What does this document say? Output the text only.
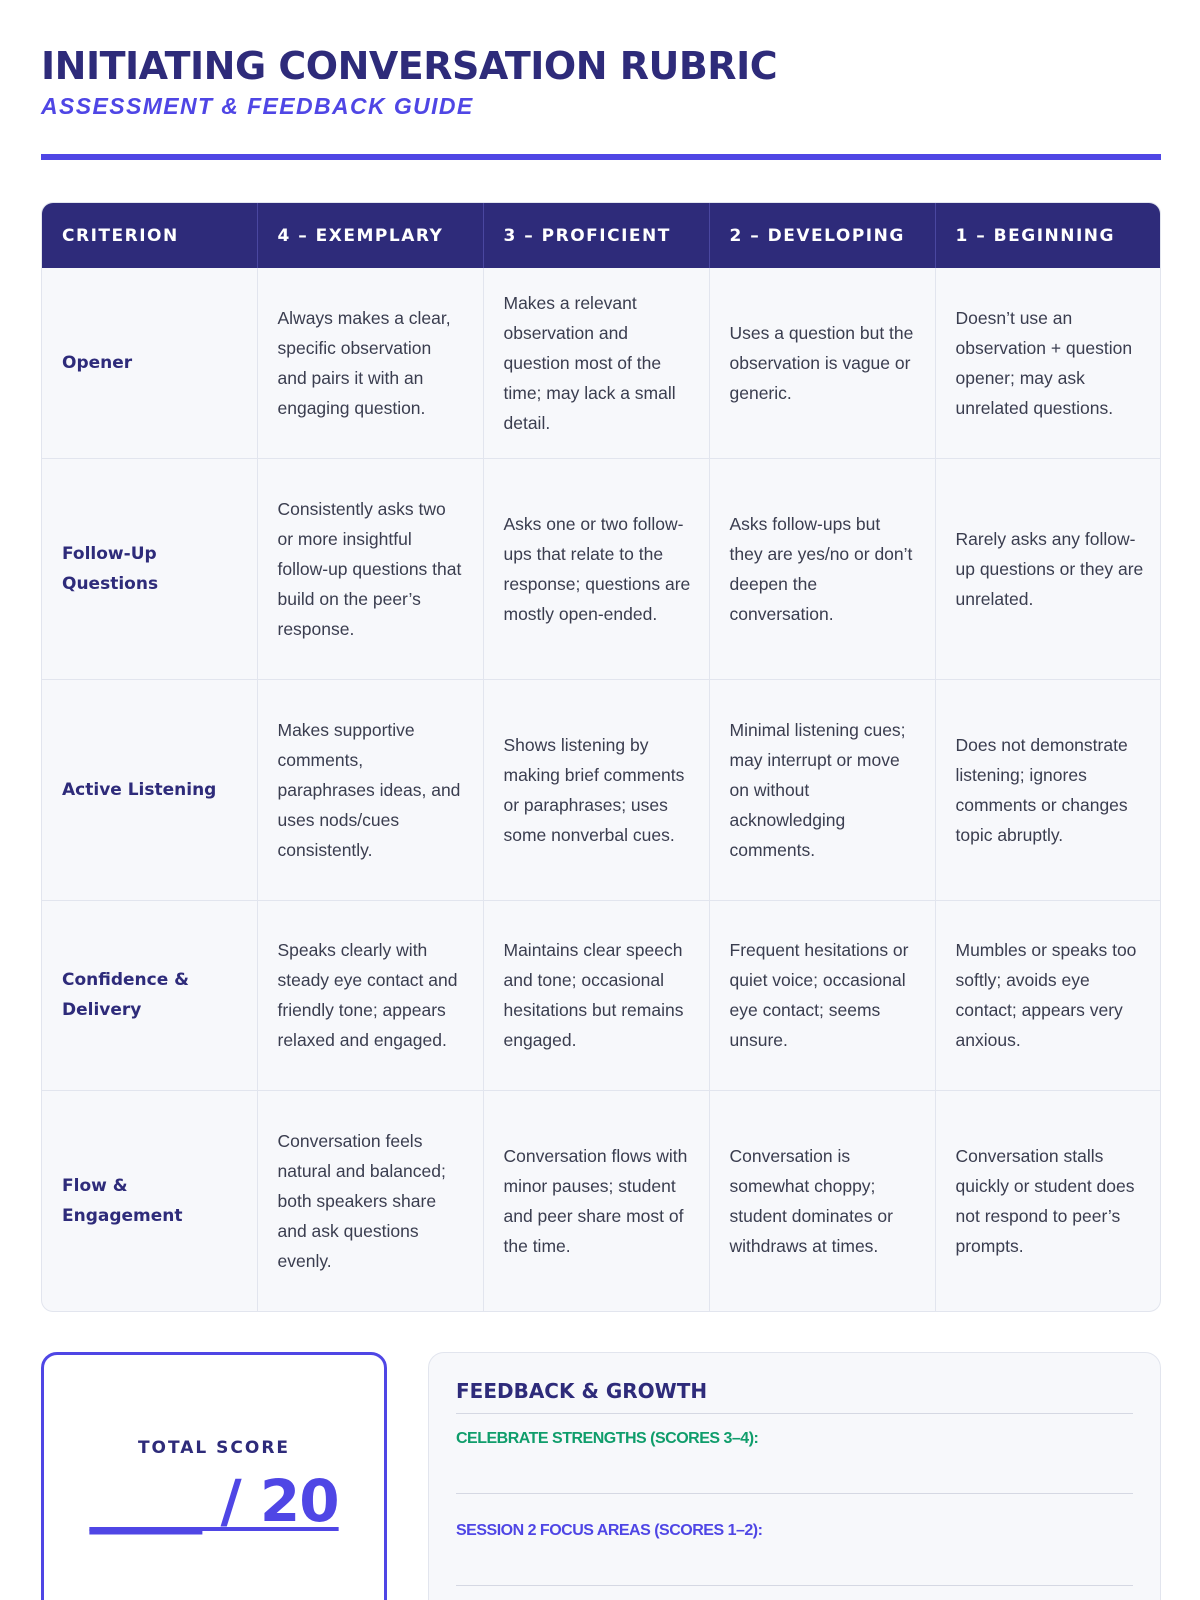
INITIATING CONVERSATION RUBRIC
ASSESSMENT & FEEDBACK GUIDE
CRITERION	4 – EXEMPLARY	3 – PROFICIENT	2 – DEVELOPING	1 – BEGINNING
Opener	Always makes a clear, specific observation and pairs it with an engaging question.	Makes a relevant observation and question most of the time; may lack a small detail.	Uses a question but the observation is vague or generic.	Doesn’t use an observation + question opener; may ask unrelated questions.
Follow-Up Questions	Consistently asks two or more insightful follow-up questions that build on the peer’s response.	Asks one or two follow-ups that relate to the response; questions are mostly open-ended.	Asks follow-ups but they are yes/no or don’t deepen the conversation.	Rarely asks any follow-up questions or they are unrelated.
Active Listening	Makes supportive comments, paraphrases ideas, and uses nods/cues consistently.	Shows listening by making brief comments or paraphrases; uses some nonverbal cues.	Minimal listening cues; may interrupt or move on without acknowledging comments.	Does not demonstrate listening; ignores comments or changes topic abruptly.
Confidence & Delivery	Speaks clearly with steady eye contact and friendly tone; appears relaxed and engaged.	Maintains clear speech and tone; occasional hesitations but remains engaged.	Frequent hesitations or quiet voice; occasional eye contact; seems unsure.	Mumbles or speaks too softly; avoids eye contact; appears very anxious.
Flow & Engagement	Conversation feels natural and balanced; both speakers share and ask questions evenly.	Conversation flows with minor pauses; student and peer share most of the time.	Conversation is somewhat choppy; student dominates or withdraws at times.	Conversation stalls quickly or student does not respond to peer’s prompts.
TOTAL SCORE
____ / 20
FEEDBACK & GROWTH
CELEBRATE STRENGTHS (SCORES 3–4):
SESSION 2 FOCUS AREAS (SCORES 1–2):
